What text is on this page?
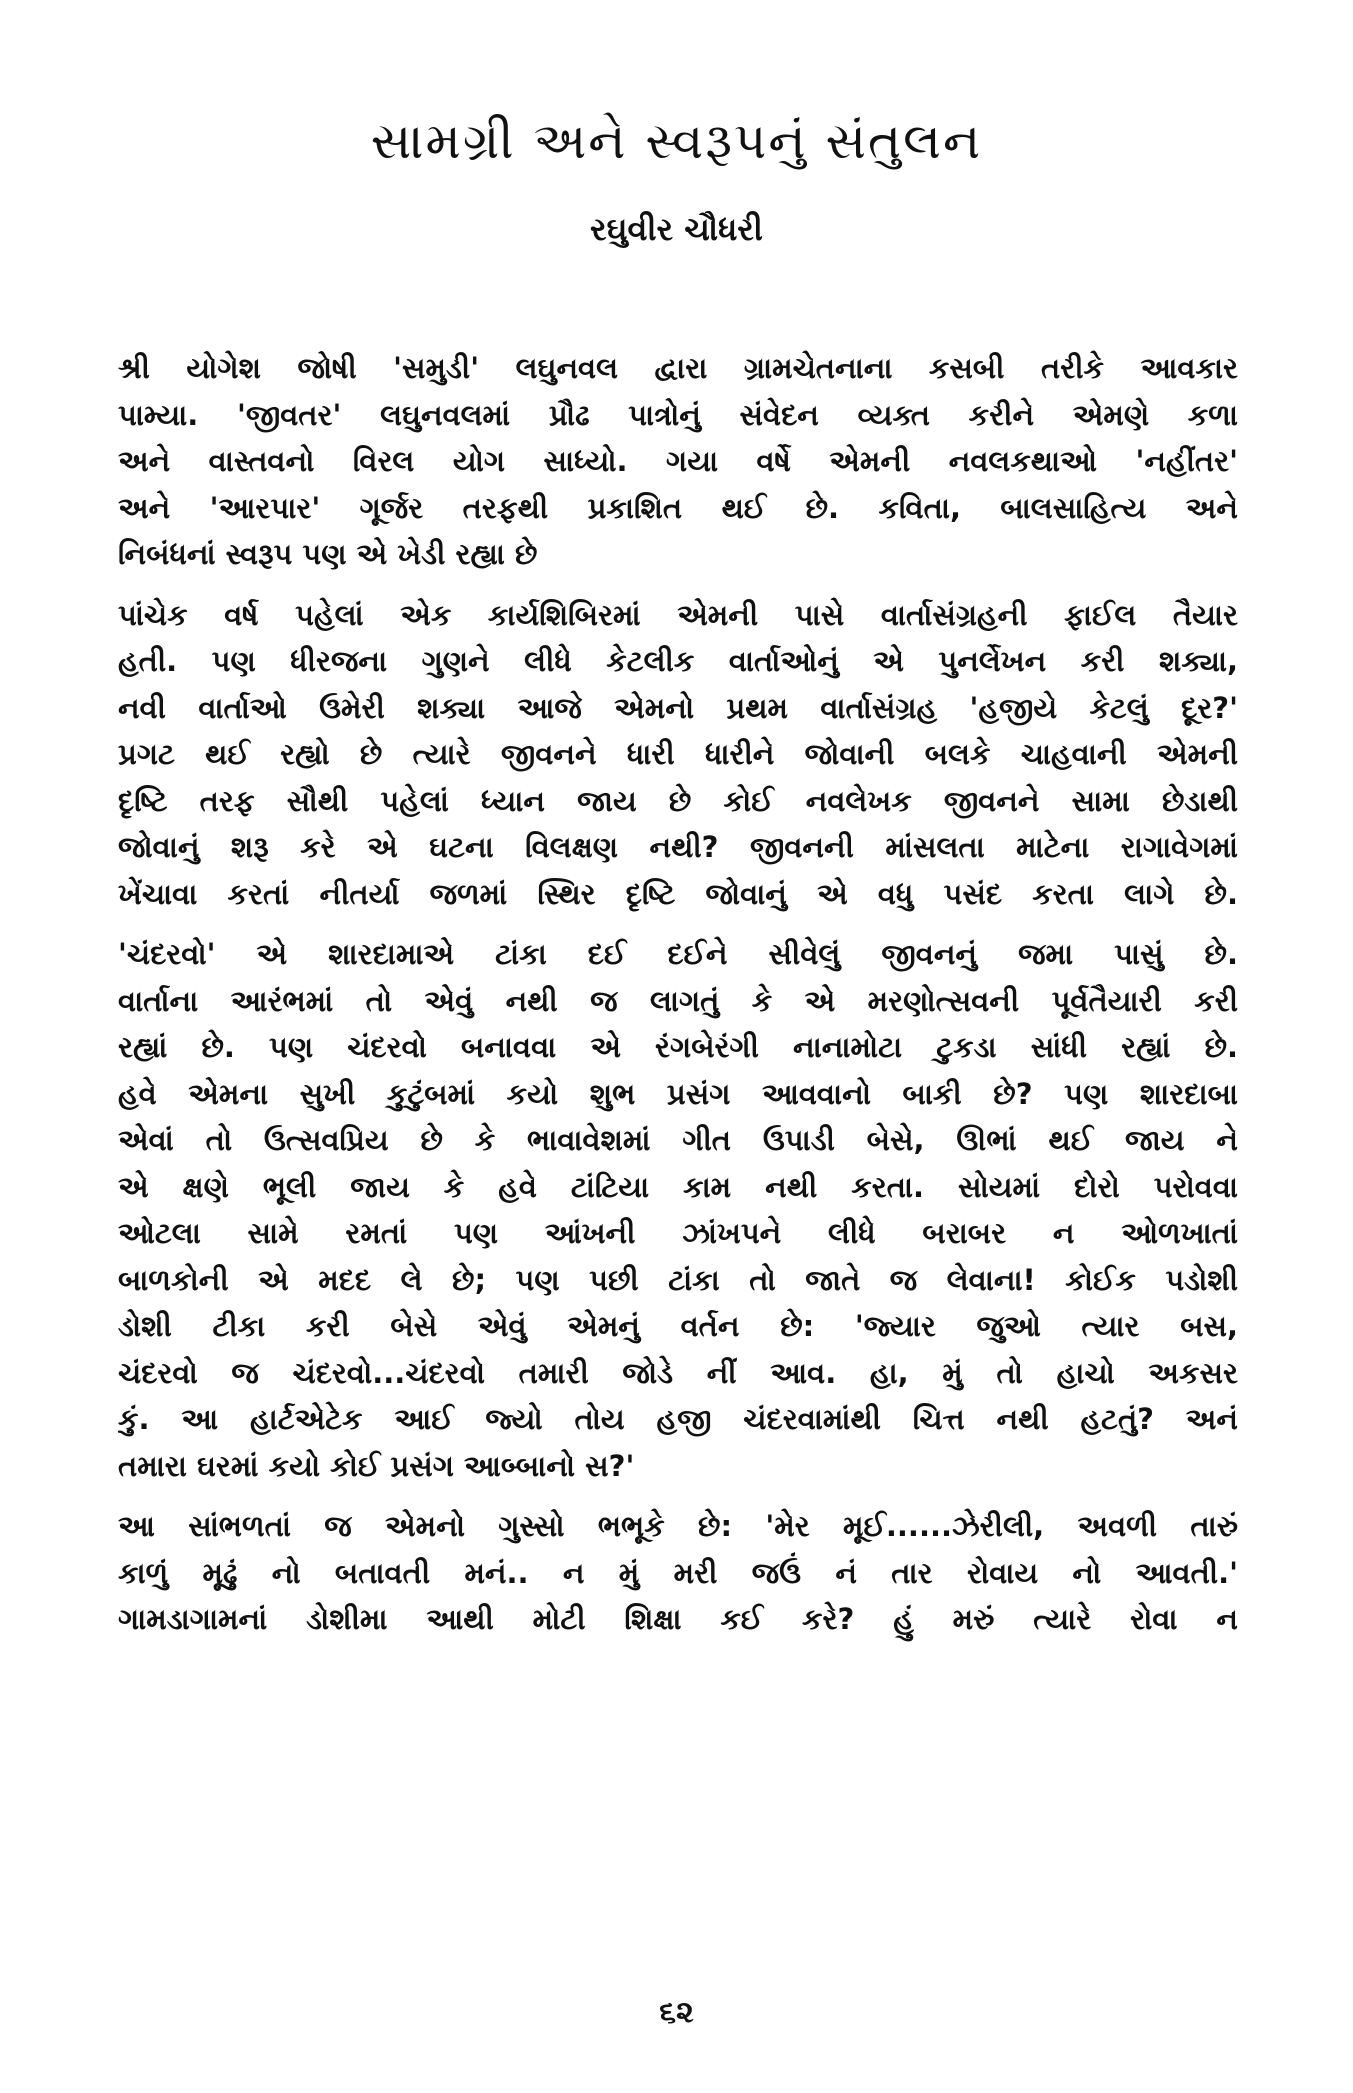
સામગ્રી અને સ્વરૂપનું સંતુલન
રઘુવીર ચૌધરી
શ્રી યોગેશ જોષી 'સમુડી' લઘુનવલ દ્વારા ગ્રામચેતનાના કસબી તરીકે આવકાર
પામ્યા. 'જીવતર' લઘુનવલમાં પ્રૌઢ પાત્રોનું સંવેદન વ્યક્ત કરીને એમણે કળા
અને વાસ્તવનો વિરલ યોગ સાધ્યો. ગયા વર્ષે એમની નવલકથાઓ 'નહીંતર'
અને 'આરપાર' ગૂર્જર તરફથી પ્રકાશિત થઈ છે. કવિતા, બાલસાહિત્ય અને
નિબંધનાં સ્વરૂપ પણ એ ખેડી રહ્યા છે
પાંચેક વર્ષ પહેલાં એક કાર્યશિબિરમાં એમની પાસે વાર્તાસંગ્રહની ફાઈલ તૈયાર
હતી. પણ ધીરજના ગુણને લીધે કેટલીક વાર્તાઓનું એ પુનર્લેખન કરી શક્યા,
નવી વાર્તાઓ ઉમેરી શક્યા આજે એમનો પ્રથમ વાર્તાસંગ્રહ 'હજીયે કેટલું દૂર?'
પ્રગટ થઈ રહ્યો છે ત્યારે જીવનને ધારી ધારીને જોવાની બલકે ચાહવાની એમની
દૃષ્ટિ તરફ સૌથી પહેલાં ધ્યાન જાય છે કોઈ નવલેખક જીવનને સામા છેડાથી
જોવાનું શરૂ કરે એ ઘટના વિલક્ષણ નથી? જીવનની માંસલતા માટેના રાગાવેગમાં
ખેંચાવા કરતાં નીતર્યા જળમાં સ્થિર દૃષ્ટિ જોવાનું એ વધુ પસંદ કરતા લાગે છે.
'ચંદરવો' એ શારદામાએ ટાંકા દઈ દઈને સીવેલું જીવનનું જમા પાસું છે.
વાર્તાના આરંભમાં તો એવું નથી જ લાગતું કે એ મરણોત્સવની પૂર્વતૈયારી કરી
રહ્યાં છે. પણ ચંદરવો બનાવવા એ રંગબેરંગી નાનામોટા ટુકડા સાંધી રહ્યાં છે.
હવે એમના સુખી કુટુંબમાં કયો શુભ પ્રસંગ આવવાનો બાકી છે? પણ શારદાબા
એવાં તો ઉત્સવપ્રિય છે કે ભાવાવેશમાં ગીત ઉપાડી બેસે, ઊભાં થઈ જાય ને
એ ક્ષણે ભૂલી જાય કે હવે ટાંટિયા કામ નથી કરતા. સોયમાં દોરો પરોવવા
ઓટલા સામે રમતાં પણ આંખની ઝાંખપને લીધે બરાબર ન ઓળખાતાં
બાળકોની એ મદદ લે છે; પણ પછી ટાંકા તો જાતે જ લેવાના! કોઈક પડોશી
ડોશી ટીકા કરી બેસે એવું એમનું વર્તન છે: 'જ્યાર જુઓ ત્યાર બસ,
ચંદરવો જ ચંદરવો...ચંદરવો તમારી જોડે નીં આવ. હા, મું તો હાચો અકસર
કું. આ હાર્ટએટેક આઈ જ્યો તોય હજી ચંદરવામાંથી ચિત્ત નથી હટતું? અનં
તમારા ઘરમાં કયો કોઈ પ્રસંગ આબ્બાનો સ?'
આ સાંભળતાં જ એમનો ગુસ્સો ભભૂકે છે: 'મેર મૂઈ......ઝેરીલી, અવળી તારું
કાળું મૂઢું નો બતાવતી મનં.. ન મું મરી જઉં નં તાર રોવાય નો આવતી.'
ગામડાગામનાં ડોશીમા આથી મોટી શિક્ષા કઈ કરે? હું મરું ત્યારે રોવા ન
૬૨
